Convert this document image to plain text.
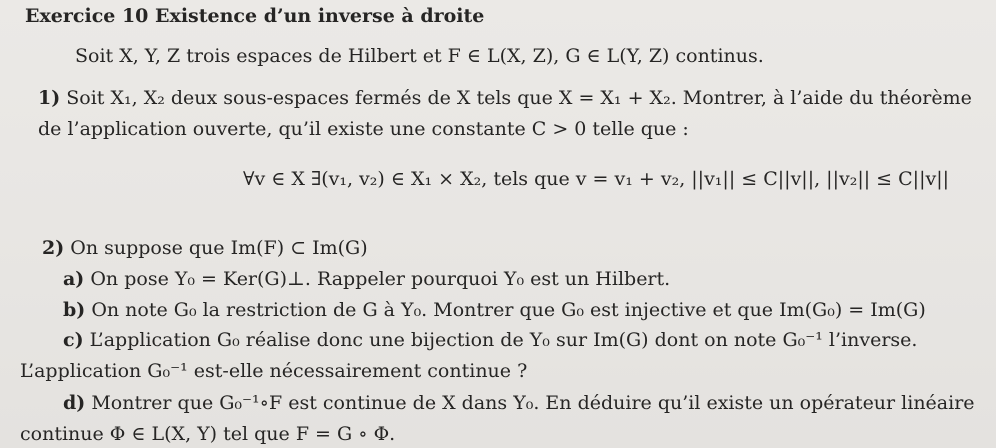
Exercice 10 Existence d’un inverse à droite
Soit X, Y, Z trois espaces de Hilbert et F ∈ L(X, Z), G ∈ L(Y, Z) continus.
1) Soit X₁, X₂ deux sous-espaces fermés de X tels que X = X₁ + X₂. Montrer, à l’aide du théorème
de l’application ouverte, qu’il existe une constante C > 0 telle que :
∀v ∈ X ∃(v₁, v₂) ∈ X₁ × X₂, tels que v = v₁ + v₂, ||v₁|| ≤ C||v||, ||v₂|| ≤ C||v||
2) On suppose que Im(F) ⊂ Im(G)
a) On pose Y₀ = Ker(G)⊥. Rappeler pourquoi Y₀ est un Hilbert.
b) On note G₀ la restriction de G à Y₀. Montrer que G₀ est injective et que Im(G₀) = Im(G)
c) L’application G₀ réalise donc une bijection de Y₀ sur Im(G) dont on note G₀⁻¹ l’inverse.
L’application G₀⁻¹ est-elle nécessairement continue ?
d) Montrer que G₀⁻¹∘F est continue de X dans Y₀. En déduire qu’il existe un opérateur linéaire
continue Φ ∈ L(X, Y) tel que F = G ∘ Φ.
